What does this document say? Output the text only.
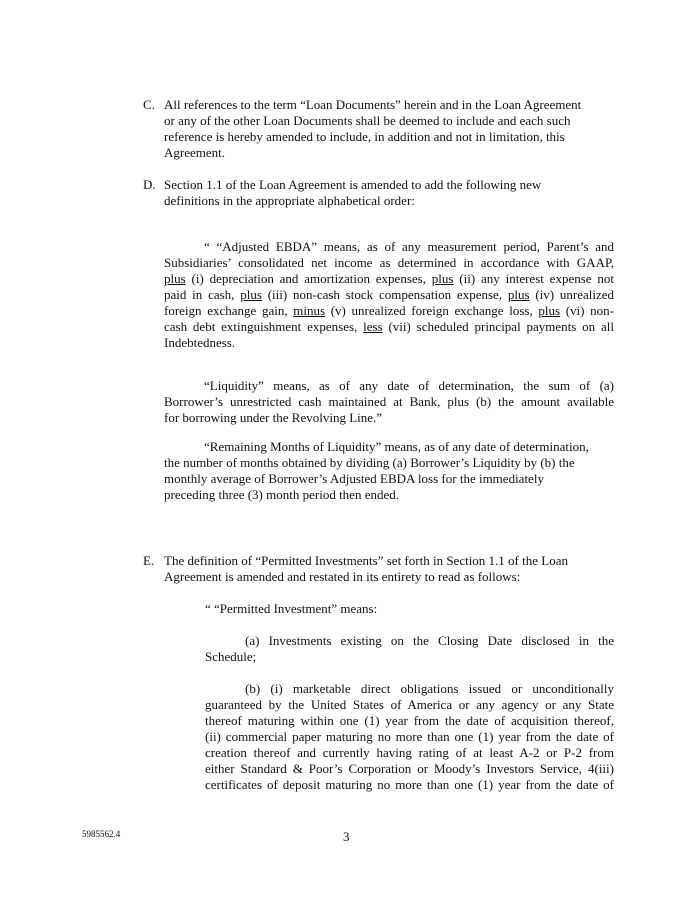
C. All references to the term “Loan Documents” herein and in the Loan Agreement
or any of the other Loan Documents shall be deemed to include and each such
reference is hereby amended to include, in addition and not in limitation, this
Agreement.
D. Section 1.1 of the Loan Agreement is amended to add the following new
definitions in the appropriate alphabetical order:
“ “Adjusted EBDA” means, as of any measurement period, Parent’s and
Subsidiaries’ consolidated net income as determined in accordance with GAAP,
plus (i) depreciation and amortization expenses, plus (ii) any interest expense not
paid in cash, plus (iii) non-cash stock compensation expense, plus (iv) unrealized
foreign exchange gain, minus (v) unrealized foreign exchange loss, plus (vi) non-
cash debt extinguishment expenses, less (vii) scheduled principal payments on all
Indebtedness.
“Liquidity” means, as of any date of determination, the sum of (a)
Borrower’s unrestricted cash maintained at Bank, plus (b) the amount available
for borrowing under the Revolving Line.”
“Remaining Months of Liquidity” means, as of any date of determination,
the number of months obtained by dividing (a) Borrower’s Liquidity by (b) the
monthly average of Borrower’s Adjusted EBDA loss for the immediately
preceding three (3) month period then ended.
E. The definition of “Permitted Investments” set forth in Section 1.1 of the Loan
Agreement is amended and restated in its entirety to read as follows:
“ “Permitted Investment” means:
(a) Investments existing on the Closing Date disclosed in the
Schedule;
(b) (i) marketable direct obligations issued or unconditionally
guaranteed by the United States of America or any agency or any State
thereof maturing within one (1) year from the date of acquisition thereof,
(ii) commercial paper maturing no more than one (1) year from the date of
creation thereof and currently having rating of at least A-2 or P-2 from
either Standard & Poor’s Corporation or Moody’s Investors Service, 4(iii)
certificates of deposit maturing no more than one (1) year from the date of
5985562.4	3
